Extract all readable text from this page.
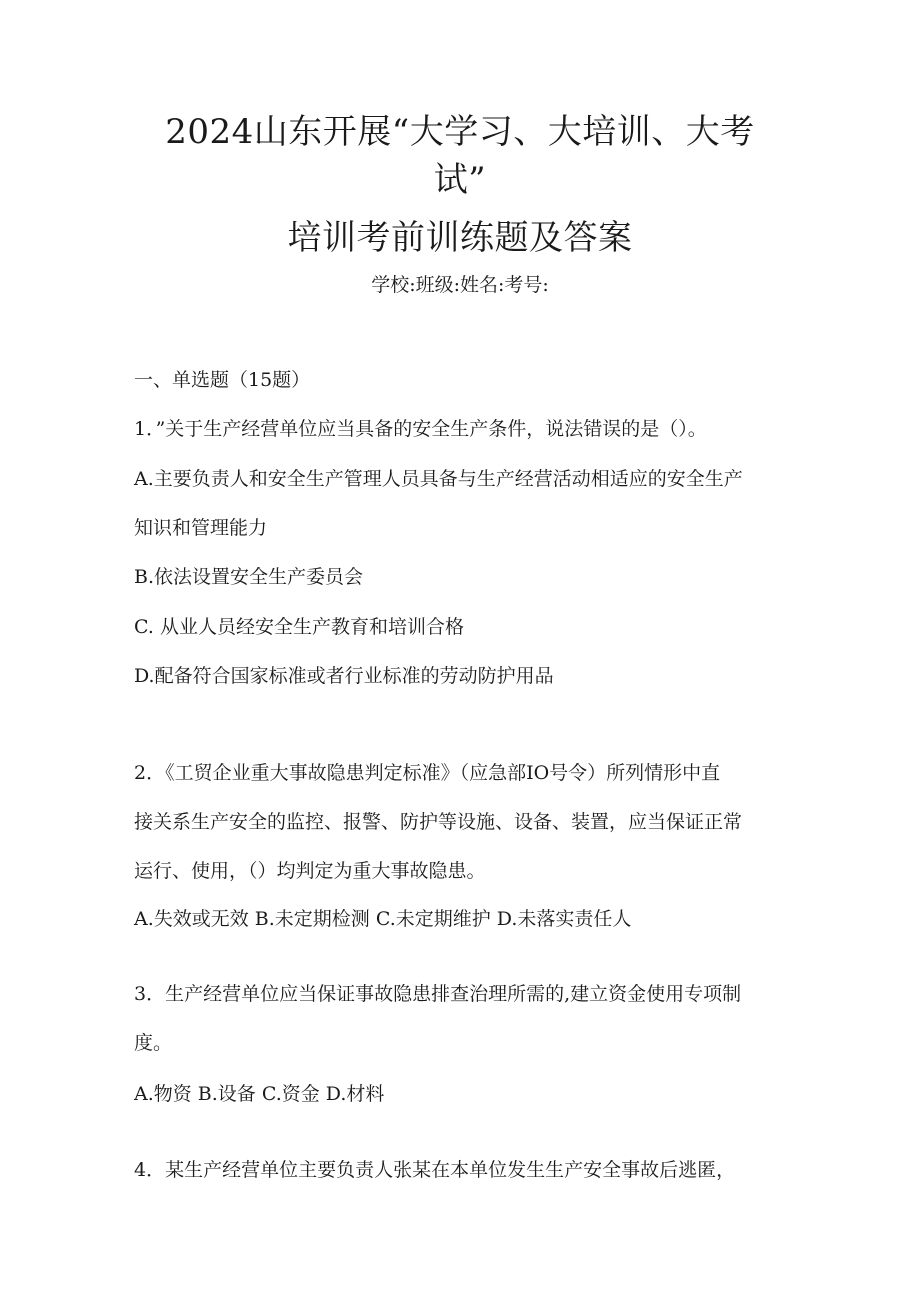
2024山东开展“大学习、大培训、大考
试”
培训考前训练题及答案
学校:班级:姓名:考号:
一、单选题（15题）
1．”关于生产经营单位应当具备的安全生产条件，说法错误的是（）。
A.主要负责人和安全生产管理人员具备与生产经营活动相适应的安全生产
知识和管理能力
B.依法设置安全生产委员会
C. 从业人员经安全生产教育和培训合格
D.配备符合国家标准或者行业标准的劳动防护用品
2．《工贸企业重大事故隐患判定标准》（应急部IO号令）所列情形中直
接关系生产安全的监控、报警、防护等设施、设备、装置，应当保证正常
运行、使用，（）均判定为重大事故隐患。
A.失效或无效 B.未定期检测 C.未定期维护 D.未落实责任人
3．生产经营单位应当保证事故隐患排查治理所需的,建立资金使用专项制
度。
A.物资 B.设备 C.资金 D.材料
4．某生产经营单位主要负责人张某在本单位发生生产安全事故后逃匿，
